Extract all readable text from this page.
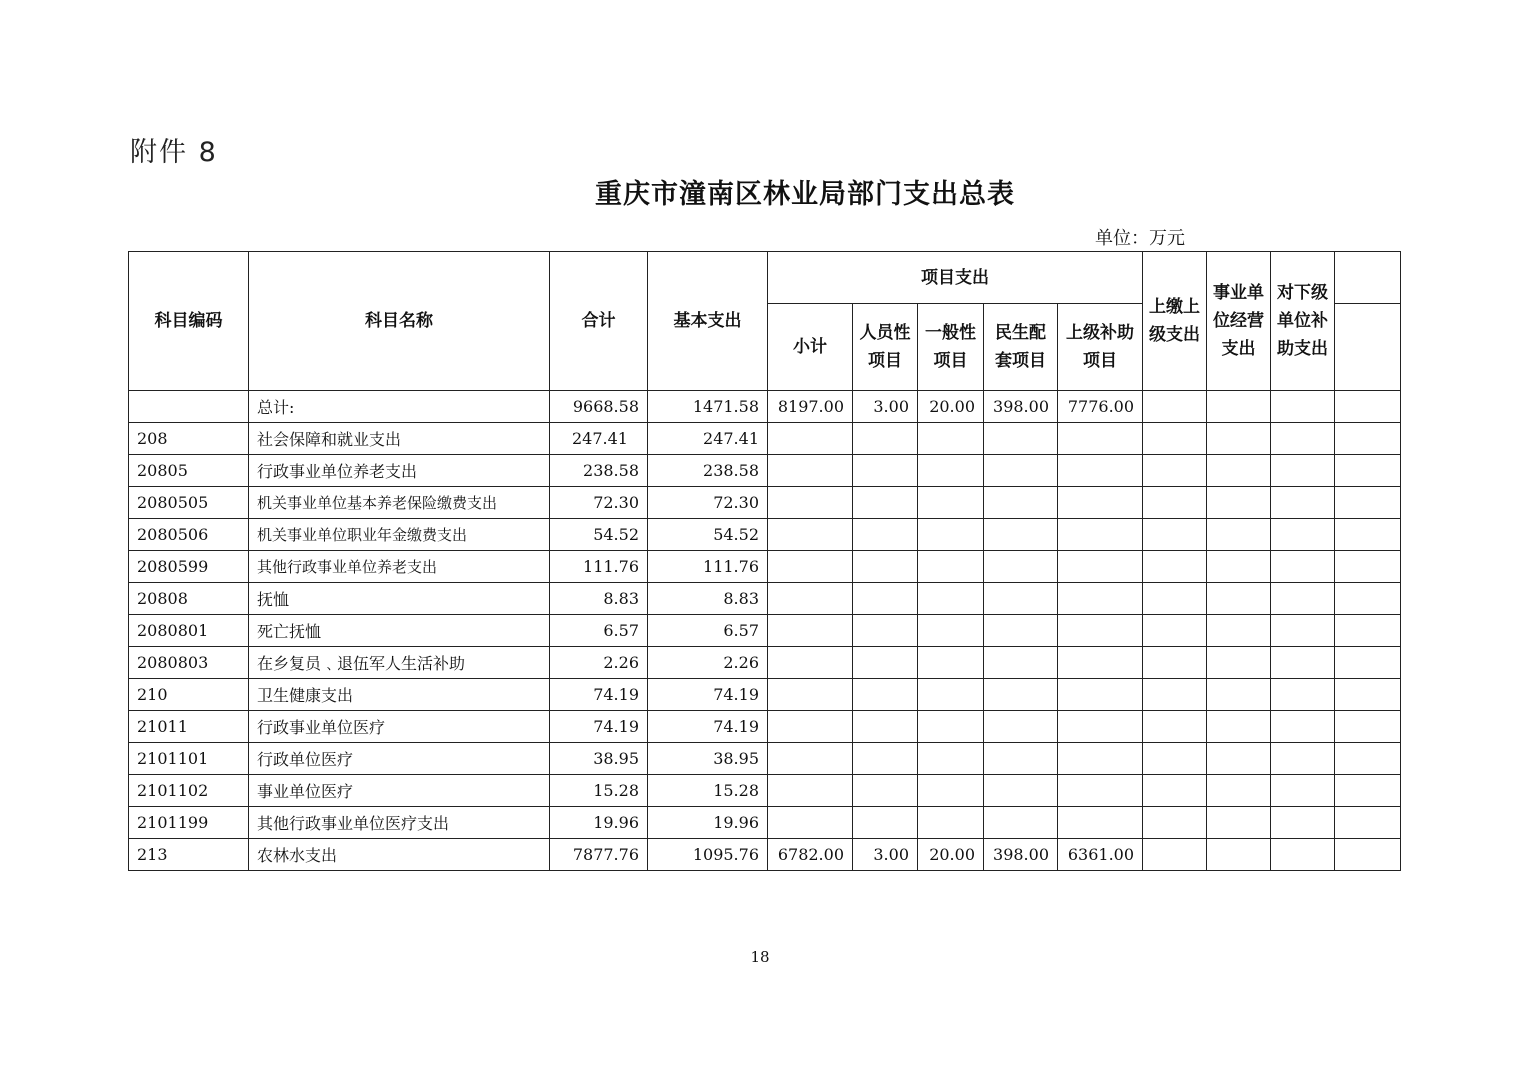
附件 8
重庆市潼南区林业局部门支出总表
单位：万元
科目编码	科目名称	合计	基本支出	项目支出					上缴上级支出	事业单位经营支出	对下级单位补助支出	
				小计	人员性项目	一般性项目	民生配套项目	上级补助项目				
	总计:	9668.58	1471.58	8197.00	3.00	20.00	398.00	7776.00				
208	社会保障和就业支出	247.41	247.41									
20805	行政事业单位养老支出	238.58	238.58									
2080505	机关事业单位基本养老保险缴费支出	72.30	72.30									
2080506	机关事业单位职业年金缴费支出	54.52	54.52									
2080599	其他行政事业单位养老支出	111.76	111.76									
20808	抚恤	8.83	8.83									
2080801	死亡抚恤	6.57	6.57									
2080803	在乡复员﹑退伍军人生活补助	2.26	2.26									
210	卫生健康支出	74.19	74.19									
21011	行政事业单位医疗	74.19	74.19									
2101101	行政单位医疗	38.95	38.95									
2101102	事业单位医疗	15.28	15.28									
2101199	其他行政事业单位医疗支出	19.96	19.96									
213	农林水支出	7877.76	1095.76	6782.00	3.00	20.00	398.00	6361.00				
18
